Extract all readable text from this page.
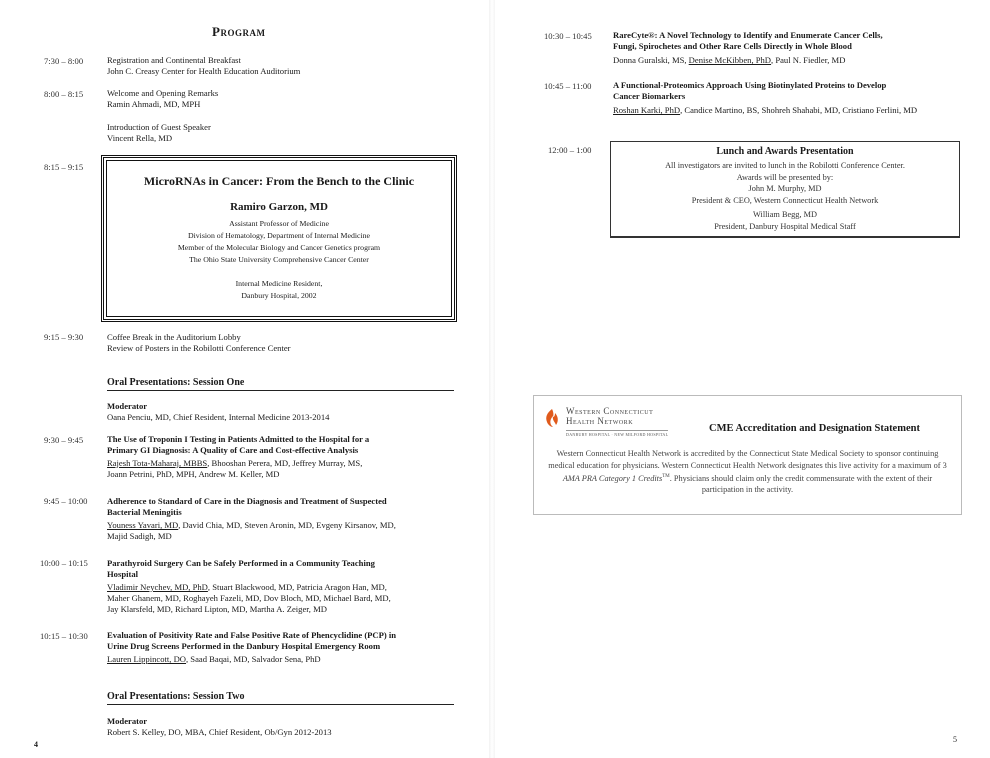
Program
7:30 – 8:00	Registration and Continental Breakfast
John C. Creasy Center for Health Education Auditorium
8:00 – 8:15	Welcome and Opening Remarks
Ramin Ahmadi, MD, MPH
Introduction of Guest Speaker
Vincent Rella, MD
8:15 – 9:15
MicroRNAs in Cancer: From the Bench to the Clinic
Ramiro Garzon, MD
Assistant Professor of Medicine
Division of Hematology, Department of Internal Medicine
Member of the Molecular Biology and Cancer Genetics program
The Ohio State University Comprehensive Cancer Center
Internal Medicine Resident,
Danbury Hospital, 2002
9:15 – 9:30	Coffee Break in the Auditorium Lobby
Review of Posters in the Robilotti Conference Center
Oral Presentations: Session One
Moderator
Oana Penciu, MD, Chief Resident, Internal Medicine 2013-2014
9:30 – 9:45	The Use of Troponin I Testing in Patients Admitted to the Hospital for a
Primary GI Diagnosis: A Quality of Care and Cost-effective Analysis
Rajesh Tota-Maharaj, MBBS, Bhooshan Perera, MD, Jeffrey Murray, MS,
Joann Petrini, PhD, MPH, Andrew M. Keller, MD
9:45 – 10:00 Adherence to Standard of Care in the Diagnosis and Treatment of Suspected
Bacterial Meningitis
Youness Yavari, MD, David Chia, MD, Steven Aronin, MD, Evgeny Kirsanov, MD,
Majid Sadigh, MD
10:00 – 10:15 Parathyroid Surgery Can be Safely Performed in a Community Teaching
Hospital
Vladimir Neychev, MD, PhD, Stuart Blackwood, MD, Patricia Aragon Han, MD,
Maher Ghanem, MD, Roghayeh Fazeli, MD, Dov Bloch, MD, Michael Bard, MD,
Jay Klarsfeld, MD, Richard Lipton, MD, Martha A. Zeiger, MD
10:15 – 10:30 Evaluation of Positivity Rate and False Positive Rate of Phencyclidine (PCP) in
Urine Drug Screens Performed in the Danbury Hospital Emergency Room
Lauren Lippincott, DO, Saad Baqai, MD, Salvador Sena, PhD
Oral Presentations: Session Two
Moderator
Robert S. Kelley, DO, MBA, Chief Resident, Ob/Gyn 2012-2013
4
10:30 – 10:45 RareCyte®: A Novel Technology to Identify and Enumerate Cancer Cells,
Fungi, Spirochetes and Other Rare Cells Directly in Whole Blood
Donna Guralski, MS, Denise McKibben, PhD, Paul N. Fiedler, MD
10:45 – 11:00	A Functional-Proteomics Approach Using Biotinylated Proteins to Develop
Cancer Biomarkers
Roshan Karki, PhD, Candice Martino, BS, Shohreh Shahabi, MD, Cristiano Ferlini, MD
12:00 – 1:00	Lunch and Awards Presentation
All investigators are invited to lunch in the Robilotti Conference Center.
Awards will be presented by:
John M. Murphy, MD
President & CEO, Western Connecticut Health Network
William Begg, MD
President, Danbury Hospital Medical Staff
Western Connecticut
Health Network
DANBURY HOSPITAL · NEW MILFORD HOSPITAL
CME Accreditation and Designation Statement
Western Connecticut Health Network is accredited by the Connecticut State Medical Society to sponsor continuing medical education for physicians. Western Connecticut Health Network designates this live activity for a maximum of 3 AMA PRA Category 1 Credits™. Physicians should claim only the credit commensurate with the extent of their participation in the activity.
5
